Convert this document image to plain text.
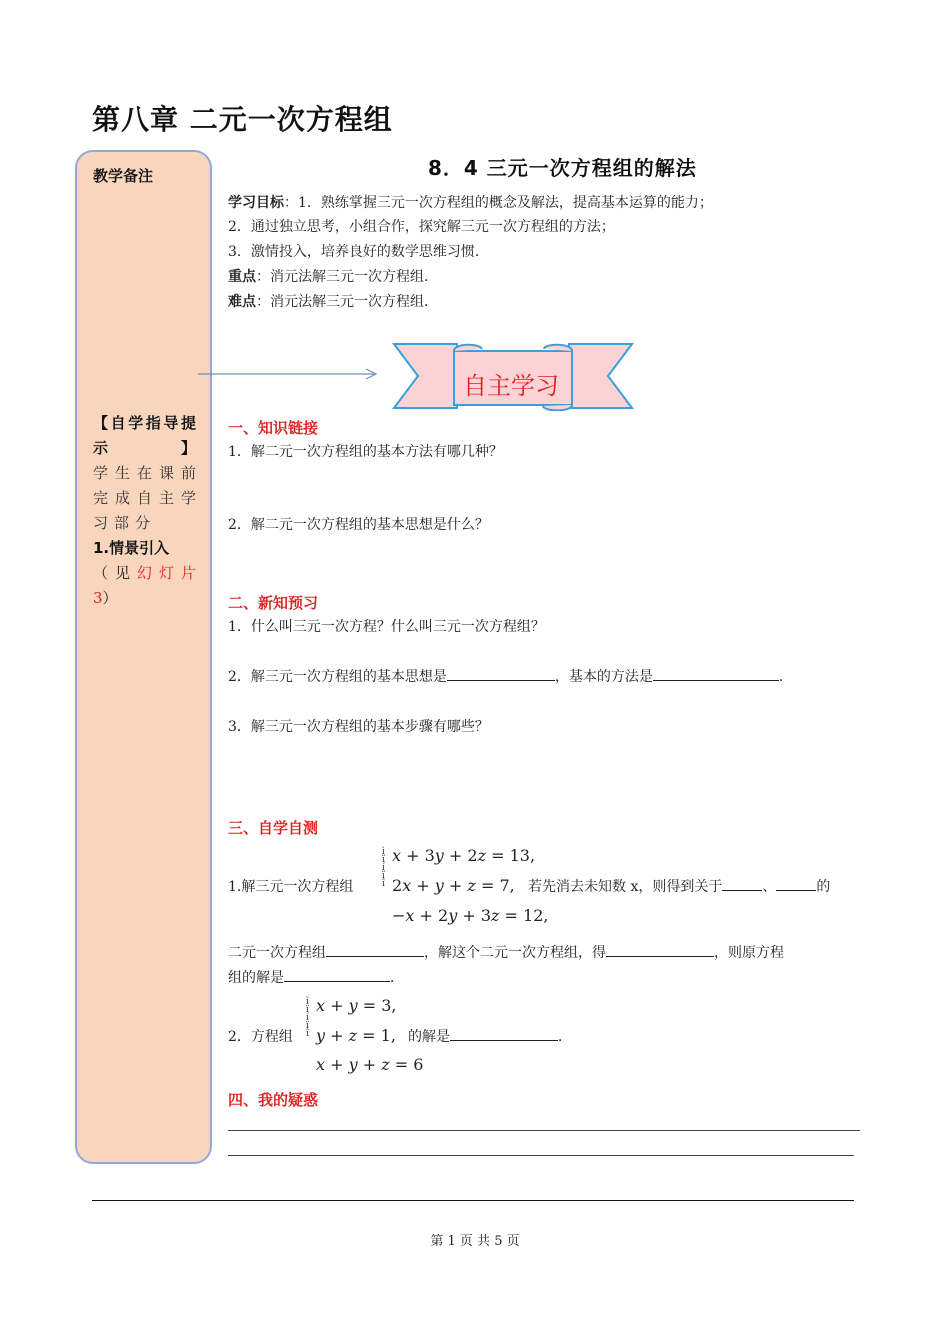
第八章 二元一次方程组
教学备注
【自学指导提示】
学生在课前
完成自主学
习部分
1.情景引入
（见幻灯片
3）
8．4 三元一次方程组的解法
学习目标：1．熟练掌握三元一次方程组的概念及解法，提高基本运算的能力；
2．通过独立思考，小组合作，探究解三元一次方程组的方法；
3．激情投入，培养良好的数学思维习惯．
重点：消元法解三元一次方程组．
难点：消元法解三元一次方程组．
自主学习
一、知识链接
1．解二元一次方程组的基本方法有哪几种？
2．解二元一次方程组的基本思想是什么？
二、新知预习
1．什么叫三元一次方程？什么叫三元一次方程组？
2．解三元一次方程组的基本思想是	，基本的方法是	．
3．解三元一次方程组的基本步骤有哪些？
三、自学自测
1.解三元一次方程组
ì
ï
í
ï
î
x + 3y + 2z = 13,
2x + y + z = 7,
−x + 2y + 3z = 12,
若先消去未知数 x，则得到关于	、	的
二元一次方程组	，解这个二元一次方程组，得	，则原方程
组的解是	．
2．方程组
ì
ï
í
ï
î
x + y = 3,
y + z = 1,
x + y + z = 6
的解是	．
四、我的疑惑
第 1 页 共 5 页
